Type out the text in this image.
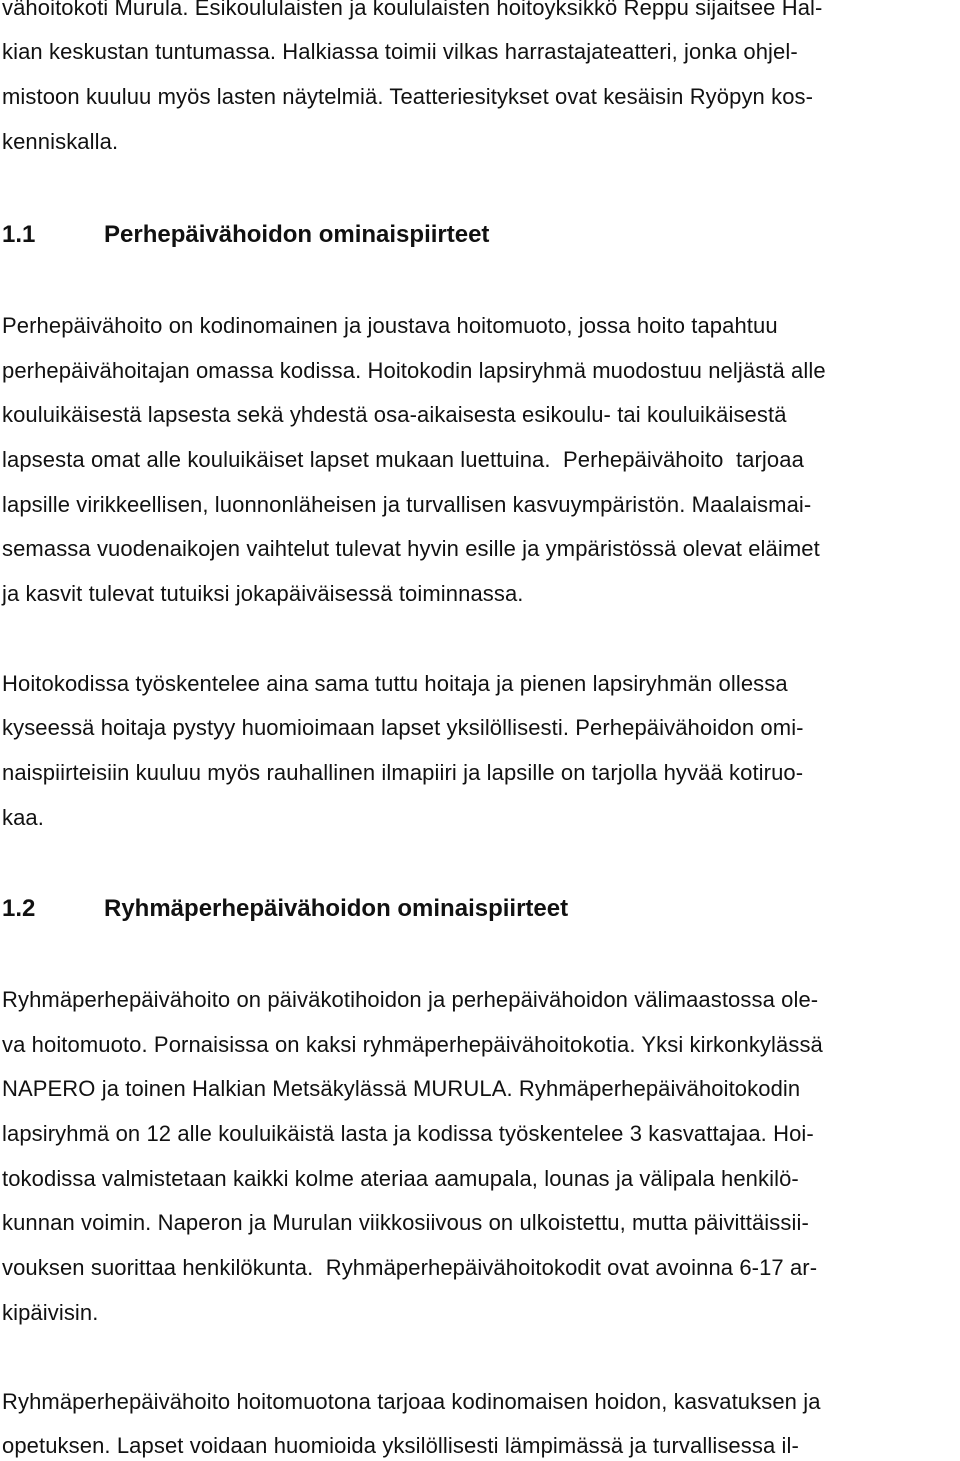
vähoitokoti Murula. Esikoululaisten ja koululaisten hoitoyksikkö Reppu sijaitsee Hal-
kian keskustan tuntumassa. Halkiassa toimii vilkas harrastajateatteri, jonka ohjel-
mistoon kuuluu myös lasten näytelmiä. Teatteriesitykset ovat kesäisin Ryöpyn kos-
kenniskalla.
1.1	Perhepäivähoidon ominaispiirteet
Perhepäivähoito on kodinomainen ja joustava hoitomuoto, jossa hoito tapahtuu
perhepäivähoitajan omassa kodissa. Hoitokodin lapsiryhmä muodostuu neljästä alle
kouluikäisestä lapsesta sekä yhdestä osa-aikaisesta esikoulu- tai kouluikäisestä
lapsesta omat alle kouluikäiset lapset mukaan luettuina.  Perhepäivähoito  tarjoaa
lapsille virikkeellisen, luonnonläheisen ja turvallisen kasvuympäristön. Maalaismai-
semassa vuodenaikojen vaihtelut tulevat hyvin esille ja ympäristössä olevat eläimet
ja kasvit tulevat tutuiksi jokapäiväisessä toiminnassa.
Hoitokodissa työskentelee aina sama tuttu hoitaja ja pienen lapsiryhmän ollessa
kyseessä hoitaja pystyy huomioimaan lapset yksilöllisesti. Perhepäivähoidon omi-
naispiirteisiin kuuluu myös rauhallinen ilmapiiri ja lapsille on tarjolla hyvää kotiruo-
kaa.
1.2	Ryhmäperhepäivähoidon ominaispiirteet
Ryhmäperhepäivähoito on päiväkotihoidon ja perhepäivähoidon välimaastossa ole-
va hoitomuoto. Pornaisissa on kaksi ryhmäperhepäivähoitokotia. Yksi kirkonkylässä
NAPERO ja toinen Halkian Metsäkylässä MURULA. Ryhmäperhepäivähoitokodin
lapsiryhmä on 12 alle kouluikäistä lasta ja kodissa työskentelee 3 kasvattajaa. Hoi-
tokodissa valmistetaan kaikki kolme ateriaa aamupala, lounas ja välipala henkilö-
kunnan voimin. Naperon ja Murulan viikkosiivous on ulkoistettu, mutta päivittäissii-
vouksen suorittaa henkilökunta.  Ryhmäperhepäivähoitokodit ovat avoinna 6-17 ar-
kipäivisin.
Ryhmäperhepäivähoito hoitomuotona tarjoaa kodinomaisen hoidon, kasvatuksen ja
opetuksen. Lapset voidaan huomioida yksilöllisesti lämpimässä ja turvallisessa il-
